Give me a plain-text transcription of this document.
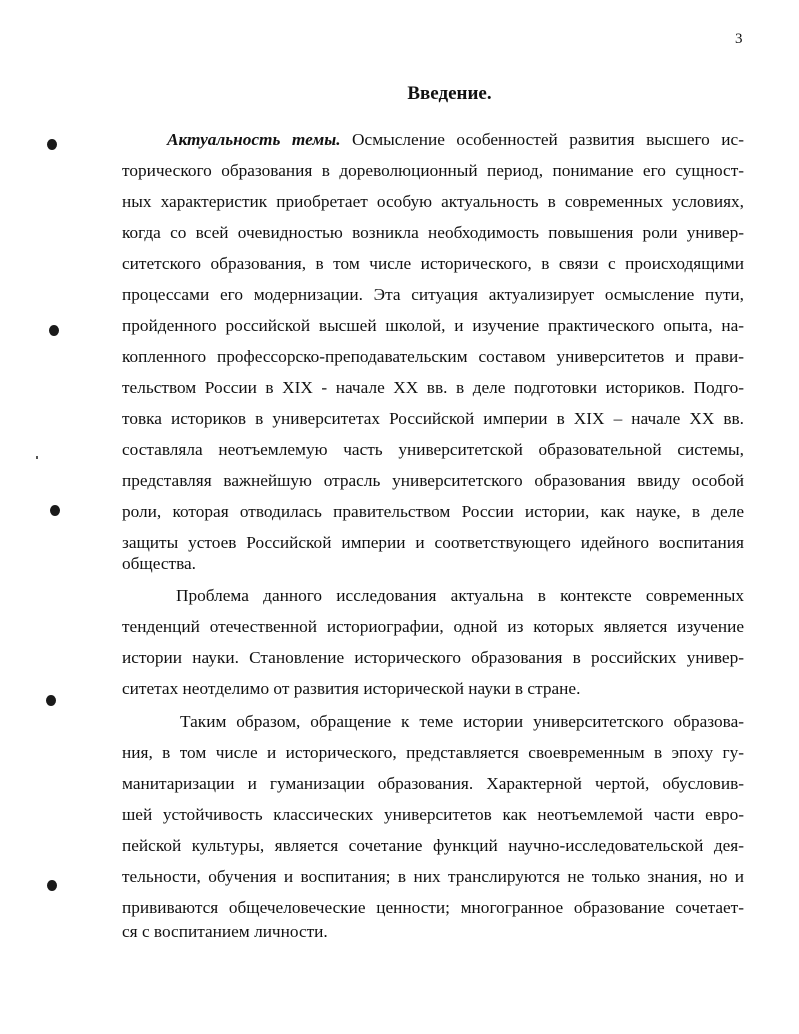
3
Введение.
Актуальность темы. Осмысление особенностей развития высшего ис-
торического образования в дореволюционный период, понимание его сущност-
ных характеристик приобретает особую актуальность в современных условиях,
когда со всей очевидностью возникла необходимость повышения роли универ-
ситетского образования, в том числе исторического, в связи с происходящими
процессами его модернизации. Эта ситуация актуализирует осмысление пути,
пройденного российской высшей школой, и изучение практического опыта, на-
копленного профессорско-преподавательским составом университетов и прави-
тельством России в XIX - начале XX вв. в деле подготовки историков. Подго-
товка историков в университетах Российской империи в XIX – начале XX вв.
составляла неотъемлемую часть университетской образовательной системы,
представляя важнейшую отрасль университетского образования ввиду особой
роли, которая отводилась правительством России истории, как науке, в деле
защиты устоев Российской империи и соответствующего идейного воспитания
общества.
Проблема данного исследования актуальна в контексте современных
тенденций отечественной историографии, одной из которых является изучение
истории науки. Становление исторического образования в российских универ-
ситетах неотделимо от развития исторической науки в стране.
Таким образом, обращение к теме истории университетского образова-
ния, в том числе и исторического, представляется своевременным в эпоху гу-
манитаризации и гуманизации образования. Характерной чертой, обусловив-
шей устойчивость классических университетов как неотъемлемой части евро-
пейской культуры, является сочетание функций научно-исследовательской дея-
тельности, обучения и воспитания; в них транслируются не только знания, но и
прививаются общечеловеческие ценности; многогранное образование сочетает-
ся с воспитанием личности.
